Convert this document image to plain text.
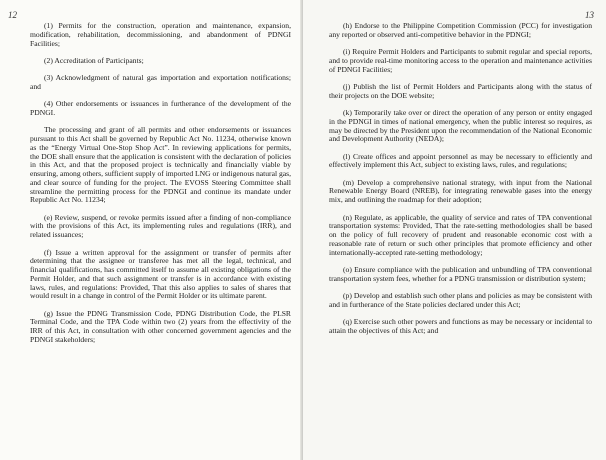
12

(1) Permits for the construction, operation and maintenance, expansion, modification, rehabilitation, decommissioning, and abandonment of PDNGI Facilities;

(2) Accreditation of Participants;

(3) Acknowledgment of natural gas importation and exportation notifications; and

(4) Other endorsements or issuances in furtherance of the development of the PDNGI.

The processing and grant of all permits and other endorsements or issuances pursuant to this Act shall be governed by Republic Act No. 11234, otherwise known as the “Energy Virtual One-Stop Shop Act”. In reviewing applications for permits, the DOE shall ensure that the application is consistent with the declaration of policies in this Act, and that the proposed project is technically and financially viable by ensuring, among others, sufficient supply of imported LNG or indigenous natural gas, and clear source of funding for the project. The EVOSS Steering Committee shall streamline the permitting process for the PDNGI and continue its mandate under Republic Act No. 11234;

(e) Review, suspend, or revoke permits issued after a finding of non-compliance with the provisions of this Act, its implementing rules and regulations (IRR), and related issuances;

(f) Issue a written approval for the assignment or transfer of permits after determining that the assignee or transferee has met all the legal, technical, and financial qualifications, has committed itself to assume all existing obligations of the Permit Holder, and that such assignment or transfer is in accordance with existing laws, rules, and regulations: Provided, That this also applies to sales of shares that would result in a change in control of the Permit Holder or its ultimate parent.

(g) Issue the PDNG Transmission Code, PDNG Distribution Code, the PLSR Terminal Code, and the TPA Code within two (2) years from the effectivity of the IRR of this Act, in consultation with other concerned government agencies and the PDNGI stakeholders;

13

(h) Endorse to the Philippine Competition Commission (PCC) for investigation any reported or observed anti-competitive behavior in the PDNGI;

(i) Require Permit Holders and Participants to submit regular and special reports, and to provide real-time monitoring access to the operation and maintenance activities of PDNGI Facilities;

(j) Publish the list of Permit Holders and Participants along with the status of their projects on the DOE website;

(k) Temporarily take over or direct the operation of any person or entity engaged in the PDNGI in times of national emergency, when the public interest so requires, as may be directed by the President upon the recommendation of the National Economic and Development Authority (NEDA);

(l) Create offices and appoint personnel as may be necessary to efficiently and effectively implement this Act, subject to existing laws, rules, and regulations;

(m) Develop a comprehensive national strategy, with input from the National Renewable Energy Board (NREB), for integrating renewable gases into the energy mix, and outlining the roadmap for their adoption;

(n) Regulate, as applicable, the quality of service and rates of TPA conventional transportation systems: Provided, That the rate-setting methodologies shall be based on the policy of full recovery of prudent and reasonable economic cost with a reasonable rate of return or such other principles that promote efficiency and other internationally-accepted rate-setting methodology;

(o) Ensure compliance with the publication and unbundling of TPA conventional transportation system fees, whether for a PDNG transmission or distribution system;

(p) Develop and establish such other plans and policies as may be consistent with and in furtherance of the State policies declared under this Act;

(q) Exercise such other powers and functions as may be necessary or incidental to attain the objectives of this Act; and
